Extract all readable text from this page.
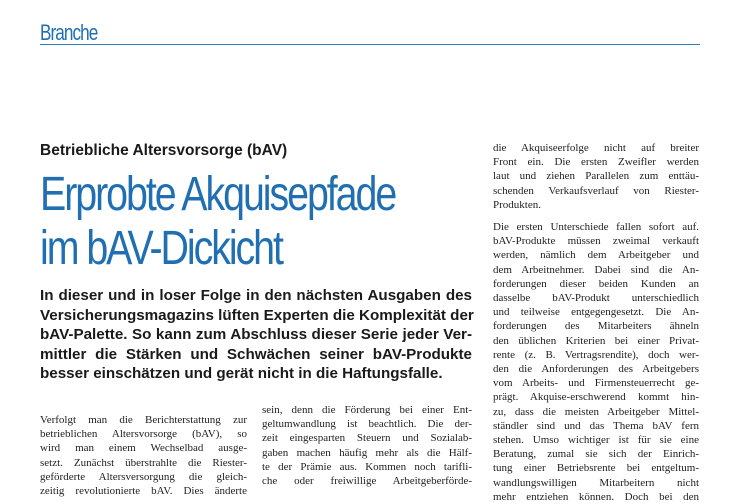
Branche
Betriebliche Altersvorsorge (bAV)
Erprobte Akquisepfade
im bAV-Dickicht
In dieser und in loser Folge in den nächsten Ausgaben des
Versicherungsmagazins lüften Experten die Komplexität der
bAV-Palette. So kann zum Abschluss dieser Serie jeder Ver-
mittler die Stärken und Schwächen seiner bAV-Produkte
besser einschätzen und gerät nicht in die Haftungsfalle.
Verfolgt man die Berichterstattung zur
betrieblichen Altersvorsorge (bAV), so
wird man einem Wechselbad ausge-
setzt. Zunächst überstrahlte die Riester-
geförderte Altersversorgung die gleich-
zeitig revolutionierte bAV. Dies änderte
sein, denn die Förderung bei einer Ent-
geltumwandlung ist beachtlich. Die der-
zeit eingesparten Steuern und Sozialab-
gaben machen häufig mehr als die Hälf-
te der Prämie aus. Kommen noch tarifli-
che oder freiwillige Arbeitgeberförde-
die Akquiseerfolge nicht auf breiter
Front ein. Die ersten Zweifler werden
laut und ziehen Parallelen zum enttäu-
schenden Verkaufsverlauf von Riester-
Produkten.
Die ersten Unterschiede fallen sofort auf.
bAV-Produkte müssen zweimal verkauft
werden, nämlich dem Arbeitgeber und
dem Arbeitnehmer. Dabei sind die An-
forderungen dieser beiden Kunden an
dasselbe bAV-Produkt unterschiedlich
und teilweise entgegengesetzt. Die An-
forderungen des Mitarbeiters ähneln
den üblichen Kriterien bei einer Privat-
rente (z. B. Vertragsrendite), doch wer-
den die Anforderungen des Arbeitgebers
vom Arbeits- und Firmensteuerrecht ge-
prägt. Akquise-erschwerend kommt hin-
zu, dass die meisten Arbeitgeber Mittel-
ständler sind und das Thema bAV fern
stehen. Umso wichtiger ist für sie eine
Beratung, zumal sie sich der Einrich-
tung einer Betriebsrente bei entgeltum-
wandlungswilligen Mitarbeitern nicht
mehr entziehen können. Doch bei den
